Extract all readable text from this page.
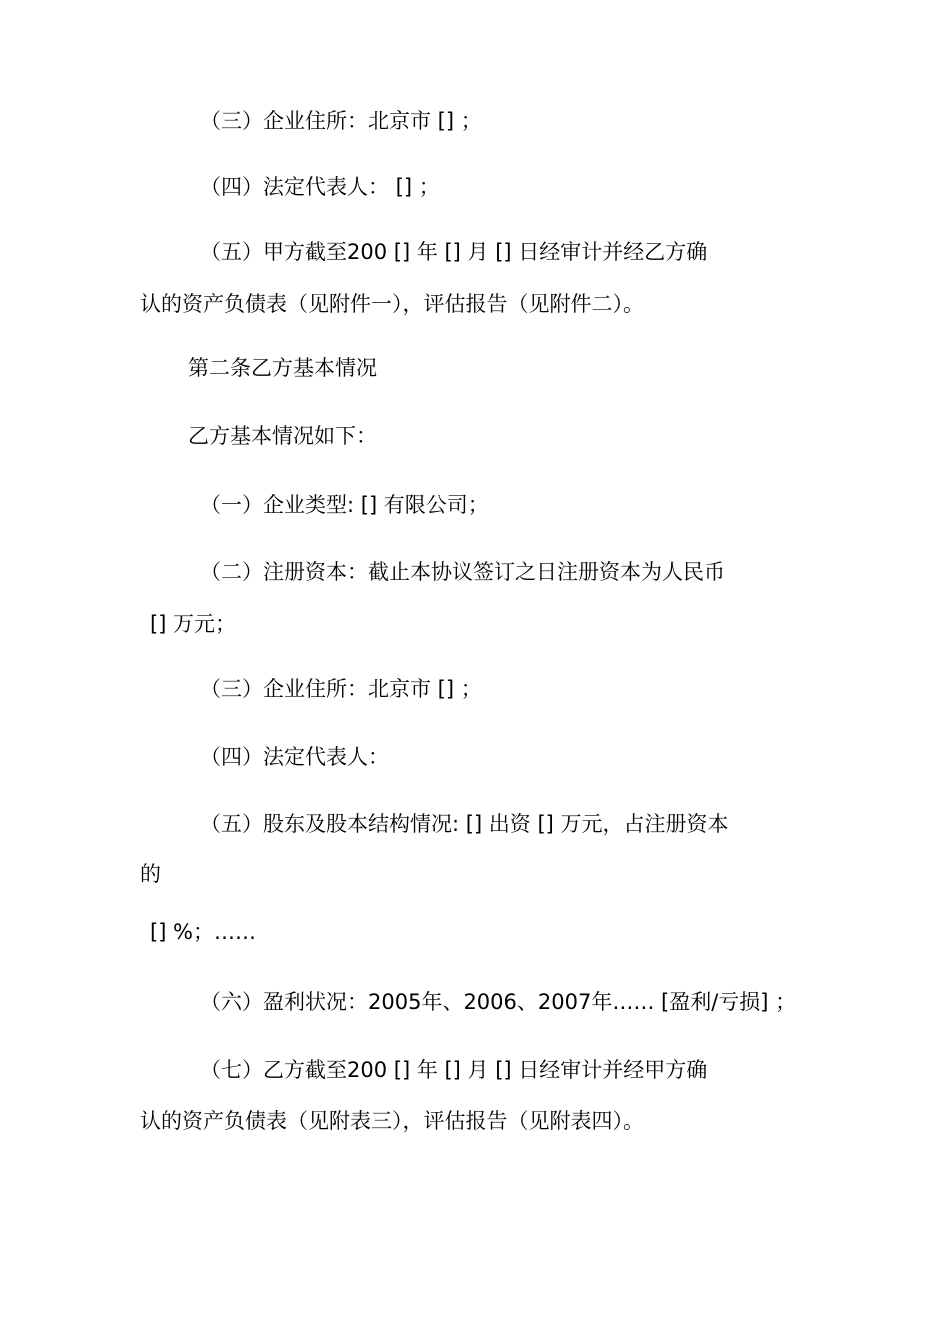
（三）企业住所：北京市 [] ；
（四）法定代表人： [] ；
（五）甲方截至200 [] 年 [] 月 [] 日经审计并经乙方确
认的资产负债表（见附件一），评估报告（见附件二）。
第二条乙方基本情况
乙方基本情况如下：
（一）企业类型: [] 有限公司；
（二）注册资本：截止本协议签订之日注册资本为人民币
[] 万元；
（三）企业住所：北京市 [] ；
（四）法定代表人：
（五）股东及股本结构情况: [] 出资 [] 万元，占注册资本
的
[] %；……
（六）盈利状况：2005年、2006、2007年…… [盈利/亏损] ；
（七）乙方截至200 [] 年 [] 月 [] 日经审计并经甲方确
认的资产负债表（见附表三），评估报告（见附表四）。
